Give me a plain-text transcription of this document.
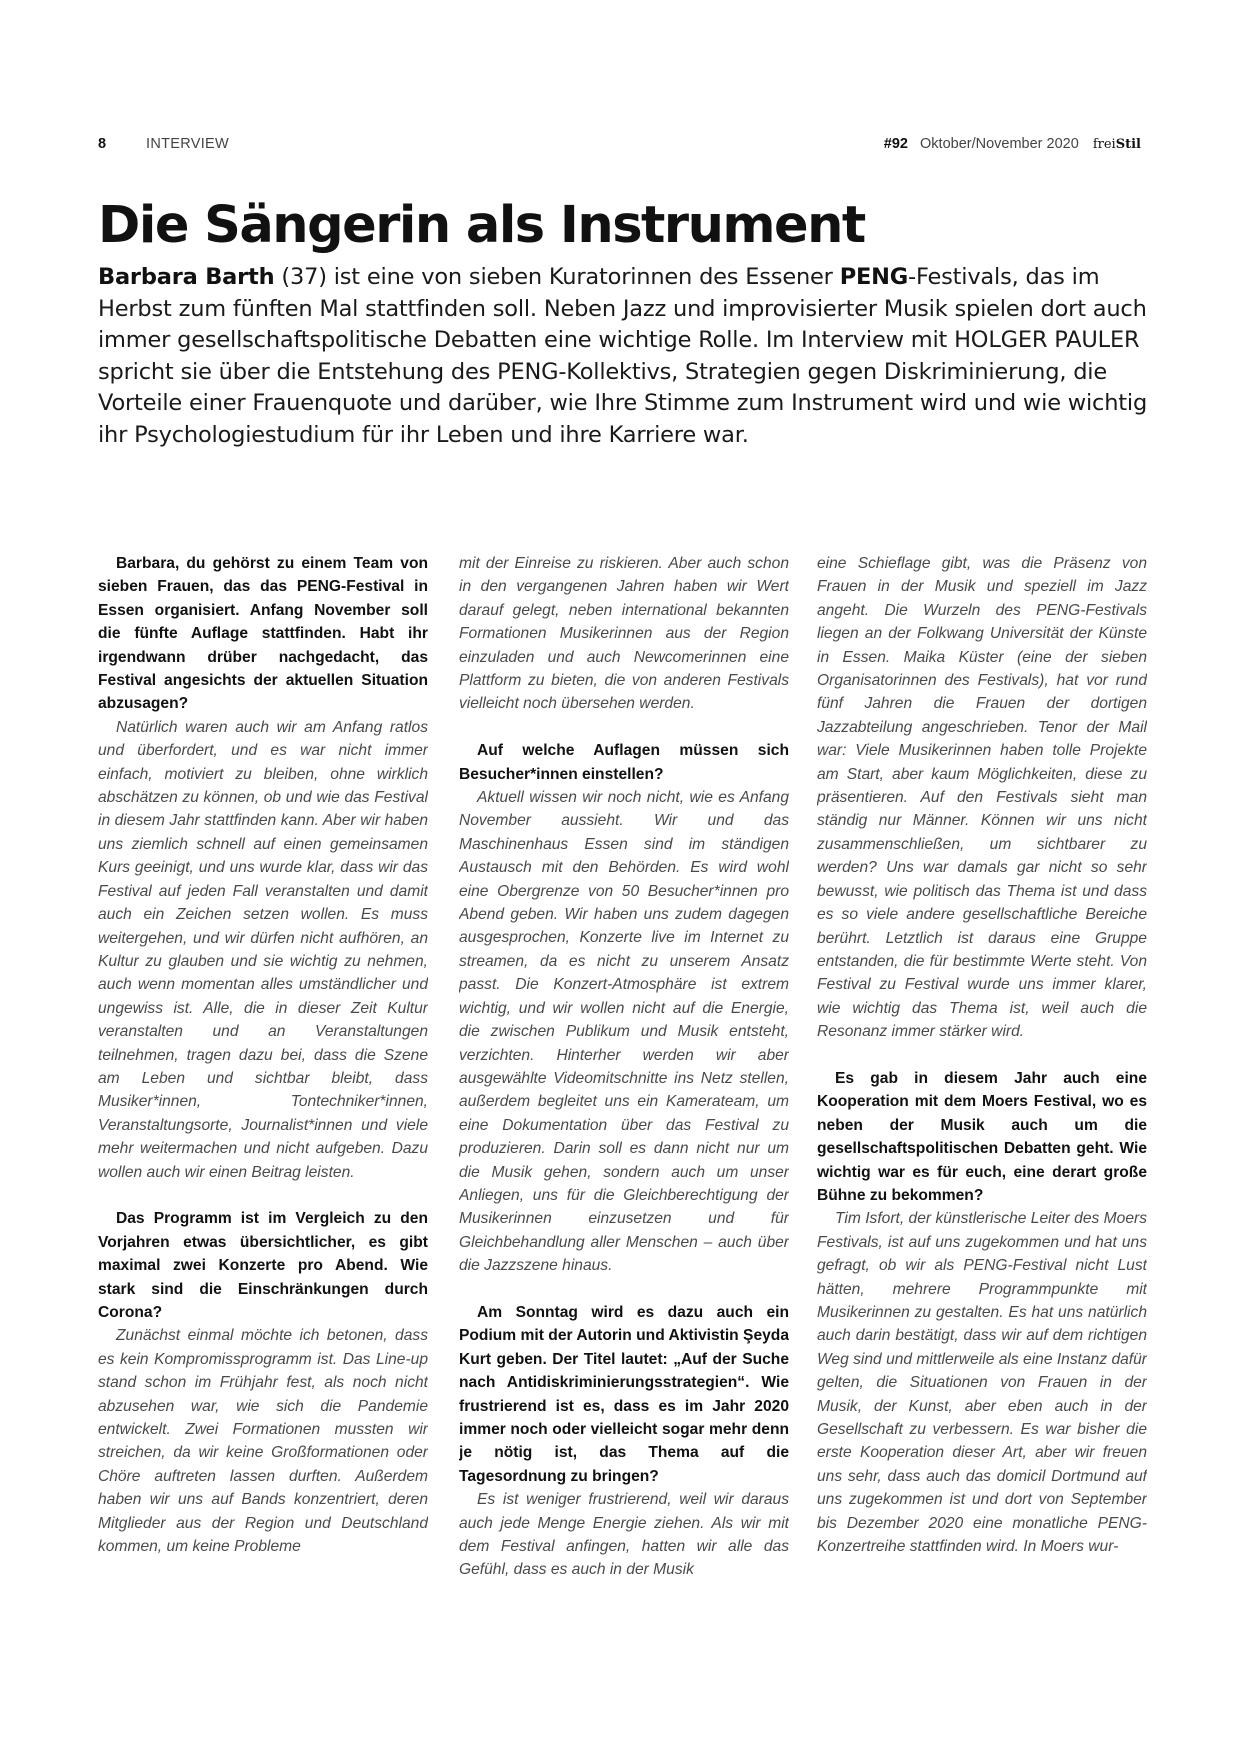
8	INTERVIEW	#92 Oktober/November 2020 freiStil
Die Sängerin als Instrument

Barbara Barth (37) ist eine von sieben Kuratorinnen des Essener PENG-Festivals, das im Herbst zum fünften Mal stattfinden soll. Neben Jazz und improvisierter Musik spielen dort auch immer gesellschaftspolitische Debatten eine wichtige Rolle. Im Interview mit HOLGER PAULER spricht sie über die Entstehung des PENG-Kollektivs, Strategien gegen Diskriminierung, die Vorteile einer Frauenquote und darüber, wie Ihre Stimme zum Instrument wird und wie wichtig ihr Psychologiestudium für ihr Leben und ihre Karriere war.

Barbara, du gehörst zu einem Team von sieben Frauen, das das PENG-Festival in Essen organisiert. Anfang November soll die fünfte Auflage stattfinden. Habt ihr irgendwann drüber nachgedacht, das Festival angesichts der aktuellen Situation abzusagen?

Natürlich waren auch wir am Anfang ratlos und überfordert, und es war nicht immer einfach, motiviert zu bleiben, ohne wirklich abschätzen zu können, ob und wie das Festival in diesem Jahr stattfinden kann. Aber wir haben uns ziemlich schnell auf einen gemeinsamen Kurs geeinigt, und uns wurde klar, dass wir das Festival auf jeden Fall veranstalten und damit auch ein Zeichen setzen wollen. Es muss weitergehen, und wir dürfen nicht aufhören, an Kultur zu glauben und sie wichtig zu nehmen, auch wenn momentan alles umständlicher und ungewiss ist. Alle, die in dieser Zeit Kultur veranstalten und an Veranstaltungen teilnehmen, tragen dazu bei, dass die Szene am Leben und sichtbar bleibt, dass Musiker*innen, Tontechniker*innen, Veranstaltungsorte, Journalist*innen und viele mehr weitermachen und nicht aufgeben. Dazu wollen auch wir einen Beitrag leisten.

Das Programm ist im Vergleich zu den Vorjahren etwas übersichtlicher, es gibt maximal zwei Konzerte pro Abend. Wie stark sind die Einschränkungen durch Corona?

Zunächst einmal möchte ich betonen, dass es kein Kompromissprogramm ist. Das Line-up stand schon im Frühjahr fest, als noch nicht abzusehen war, wie sich die Pandemie entwickelt. Zwei Formationen mussten wir streichen, da wir keine Großformationen oder Chöre auftreten lassen durften. Außerdem haben wir uns auf Bands konzentriert, deren Mitglieder aus der Region und Deutschland kommen, um keine Probleme

mit der Einreise zu riskieren. Aber auch schon in den vergangenen Jahren haben wir Wert darauf gelegt, neben international bekannten Formationen Musikerinnen aus der Region einzuladen und auch Newcomerinnen eine Plattform zu bieten, die von anderen Festivals vielleicht noch übersehen werden.

Auf welche Auflagen müssen sich Besucher*innen einstellen?

Aktuell wissen wir noch nicht, wie es Anfang November aussieht. Wir und das Maschinenhaus Essen sind im ständigen Austausch mit den Behörden. Es wird wohl eine Obergrenze von 50 Besucher*innen pro Abend geben. Wir haben uns zudem dagegen ausgesprochen, Konzerte live im Internet zu streamen, da es nicht zu unserem Ansatz passt. Die Konzert-Atmosphäre ist extrem wichtig, und wir wollen nicht auf die Energie, die zwischen Publikum und Musik entsteht, verzichten. Hinterher werden wir aber ausgewählte Videomitschnitte ins Netz stellen, außerdem begleitet uns ein Kamerateam, um eine Dokumentation über das Festival zu produzieren. Darin soll es dann nicht nur um die Musik gehen, sondern auch um unser Anliegen, uns für die Gleichberechtigung der Musikerinnen einzusetzen und für Gleichbehandlung aller Menschen – auch über die Jazzszene hinaus.

Am Sonntag wird es dazu auch ein Podium mit der Autorin und Aktivistin Şeyda Kurt geben. Der Titel lautet: „Auf der Suche nach Antidiskriminierungsstrategien“. Wie frustrierend ist es, dass es im Jahr 2020 immer noch oder vielleicht sogar mehr denn je nötig ist, das Thema auf die Tagesordnung zu bringen?

Es ist weniger frustrierend, weil wir daraus auch jede Menge Energie ziehen. Als wir mit dem Festival anfingen, hatten wir alle das Gefühl, dass es auch in der Musik

eine Schieflage gibt, was die Präsenz von Frauen in der Musik und speziell im Jazz angeht. Die Wurzeln des PENG-Festivals liegen an der Folkwang Universität der Künste in Essen. Maika Küster (eine der sieben Organisatorinnen des Festivals), hat vor rund fünf Jahren die Frauen der dortigen Jazzabteilung angeschrieben. Tenor der Mail war: Viele Musikerinnen haben tolle Projekte am Start, aber kaum Möglichkeiten, diese zu präsentieren. Auf den Festivals sieht man ständig nur Männer. Können wir uns nicht zusammenschließen, um sichtbarer zu werden? Uns war damals gar nicht so sehr bewusst, wie politisch das Thema ist und dass es so viele andere gesellschaftliche Bereiche berührt. Letztlich ist daraus eine Gruppe entstanden, die für bestimmte Werte steht. Von Festival zu Festival wurde uns immer klarer, wie wichtig das Thema ist, weil auch die Resonanz immer stärker wird.

Es gab in diesem Jahr auch eine Kooperation mit dem Moers Festival, wo es neben der Musik auch um die gesellschaftspolitischen Debatten geht. Wie wichtig war es für euch, eine derart große Bühne zu bekommen?

Tim Isfort, der künstlerische Leiter des Moers Festivals, ist auf uns zugekommen und hat uns gefragt, ob wir als PENG-Festival nicht Lust hätten, mehrere Programmpunkte mit Musikerinnen zu gestalten. Es hat uns natürlich auch darin bestätigt, dass wir auf dem richtigen Weg sind und mittlerweile als eine Instanz dafür gelten, die Situationen von Frauen in der Musik, der Kunst, aber eben auch in der Gesellschaft zu verbessern. Es war bisher die erste Kooperation dieser Art, aber wir freuen uns sehr, dass auch das domicil Dortmund auf uns zugekommen ist und dort von September bis Dezember 2020 eine monatliche PENG-Konzertreihe stattfinden wird. In Moers wur-
